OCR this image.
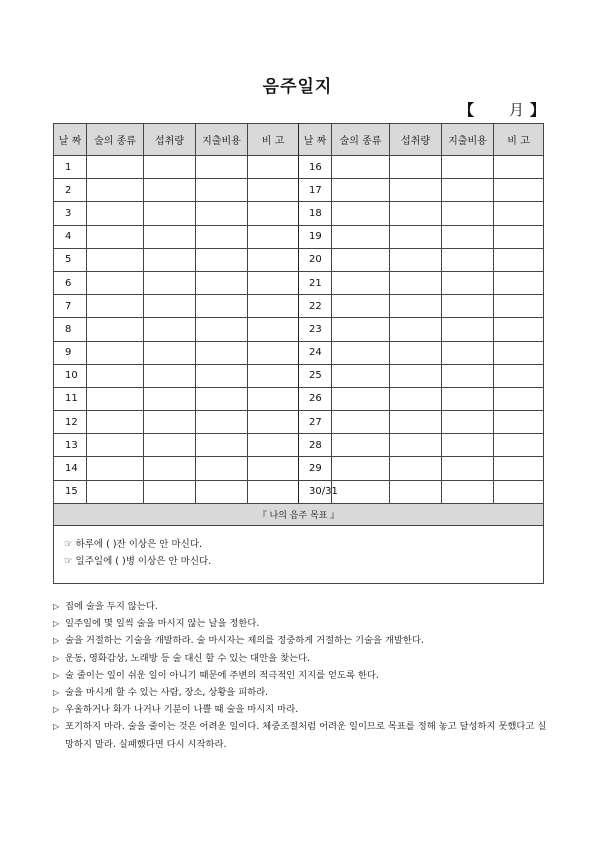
음주일지
【 月 】
날 짜	술의 종류	섭취량	지출비용	비 고	날 짜	술의 종류	섭취량	지출비용	비 고
1					16				
2					17				
3					18				
4					19				
5					20				
6					21				
7					22				
8					23				
9					24				
10					25				
11					26				
12					27				
13					28				
14					29				
15					30/31				
『 나의 음주 목표 』									

☞ 하루에 ( )잔 이상은 안 마신다.
☞ 일주일에 ( )병 이상은 안 마신다.									
▷ 집에 술을 두지 않는다.
▷ 일주일에 몇 일씩 술을 마시지 않는 날을 정한다.
▷ 술을 거절하는 기술을 개발하라. 술 마시자는 제의를 정중하게 거절하는 기술을 개발한다.
▷ 운동, 영화감상, 노래방 등 술 대신 할 수 있는 대안을 찾는다.
▷ 술 줄이는 일이 쉬운 일이 아니기 때문에 주변의 적극적인 지지를 얻도록 한다.
▷ 술을 마시게 할 수 있는 사람, 장소, 상황을 피하라.
▷ 우울하거나 화가 나거나 기분이 나쁠 때 술을 마시지 마라.
▷ 포기하지 마라. 술을 줄이는 것은 어려운 일이다. 체중조절처럼 어려운 일이므로 목표를 정해 놓고 달성하지 못했다고 실망하지 말라. 실패했다면 다시 시작하라.
